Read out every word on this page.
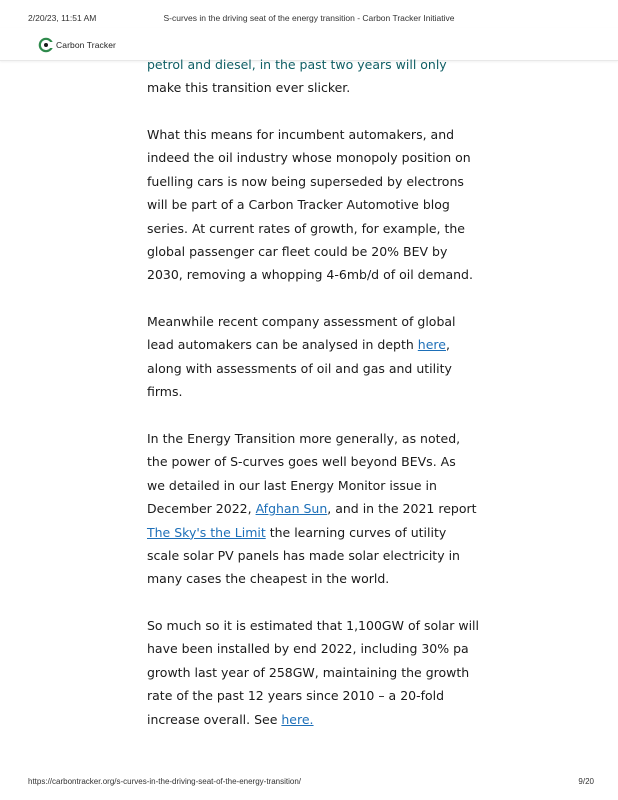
2/20/23, 11:51 AM	S-curves in the driving seat of the energy transition - Carbon Tracker Initiative
Carbon Tracker

petrol and diesel, in the past two years will only
make this transition ever slicker.

What this means for incumbent automakers, and
indeed the oil industry whose monopoly position on
fuelling cars is now being superseded by electrons
will be part of a Carbon Tracker Automotive blog
series. At current rates of growth, for example, the
global passenger car fleet could be 20% BEV by
2030, removing a whopping 4-6mb/d of oil demand.

Meanwhile recent company assessment of global
lead automakers can be analysed in depth here,
along with assessments of oil and gas and utility
firms.

In the Energy Transition more generally, as noted,
the power of S-curves goes well beyond BEVs. As
we detailed in our last Energy Monitor issue in
December 2022, Afghan Sun, and in the 2021 report
The Sky's the Limit the learning curves of utility
scale solar PV panels has made solar electricity in
many cases the cheapest in the world.

So much so it is estimated that 1,100GW of solar will
have been installed by end 2022, including 30% pa
growth last year of 258GW, maintaining the growth
rate of the past 12 years since 2010 – a 20-fold
increase overall. See here.

https://carbontracker.org/s-curves-in-the-driving-seat-of-the-energy-transition/	9/20
